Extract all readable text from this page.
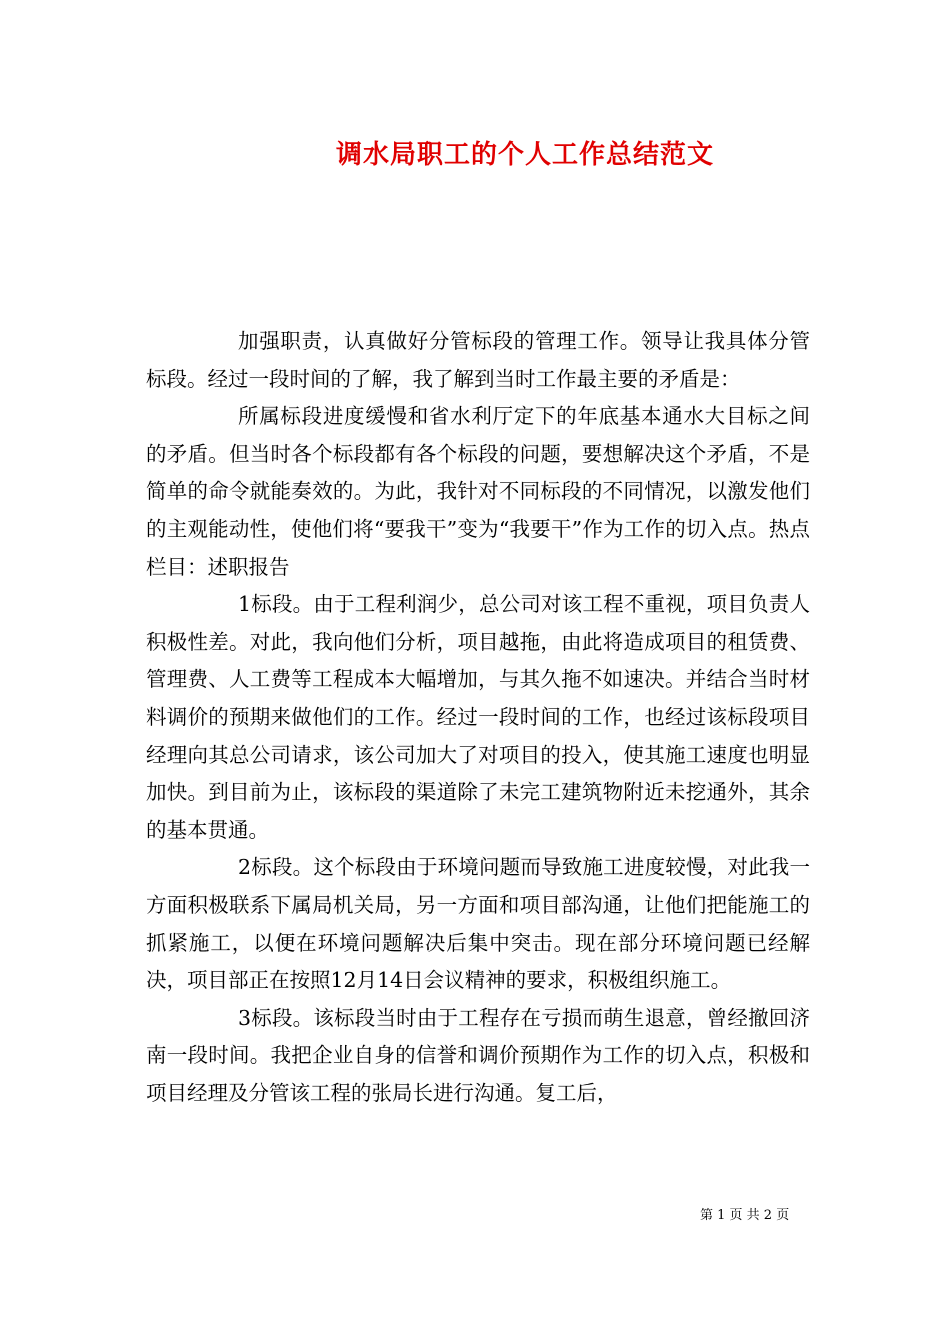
调水局职工的个人工作总结范文

加强职责，认真做好分管标段的管理工作。领导让我具体分管标段。经过一段时间的了解，我了解到当时工作最主要的矛盾是：

所属标段进度缓慢和省水利厅定下的年底基本通水大目标之间的矛盾。但当时各个标段都有各个标段的问题，要想解决这个矛盾，不是简单的命令就能奏效的。为此，我针对不同标段的不同情况，以激发他们的主观能动性，使他们将“要我干”变为“我要干”作为工作的切入点。热点栏目：述职报告

1标段。由于工程利润少，总公司对该工程不重视，项目负责人积极性差。对此，我向他们分析，项目越拖，由此将造成项目的租赁费、管理费、人工费等工程成本大幅增加，与其久拖不如速决。并结合当时材料调价的预期来做他们的工作。经过一段时间的工作，也经过该标段项目经理向其总公司请求，该公司加大了对项目的投入，使其施工速度也明显加快。到目前为止，该标段的渠道除了未完工建筑物附近未挖通外，其余的基本贯通。

2标段。这个标段由于环境问题而导致施工进度较慢，对此我一方面积极联系下属局机关局，另一方面和项目部沟通，让他们把能施工的抓紧施工，以便在环境问题解决后集中突击。现在部分环境问题已经解决，项目部正在按照12月14日会议精神的要求，积极组织施工。

3标段。该标段当时由于工程存在亏损而萌生退意，曾经撤回济南一段时间。我把企业自身的信誉和调价预期作为工作的切入点，积极和项目经理及分管该工程的张局长进行沟通。复工后，

第 1 页 共 2 页
